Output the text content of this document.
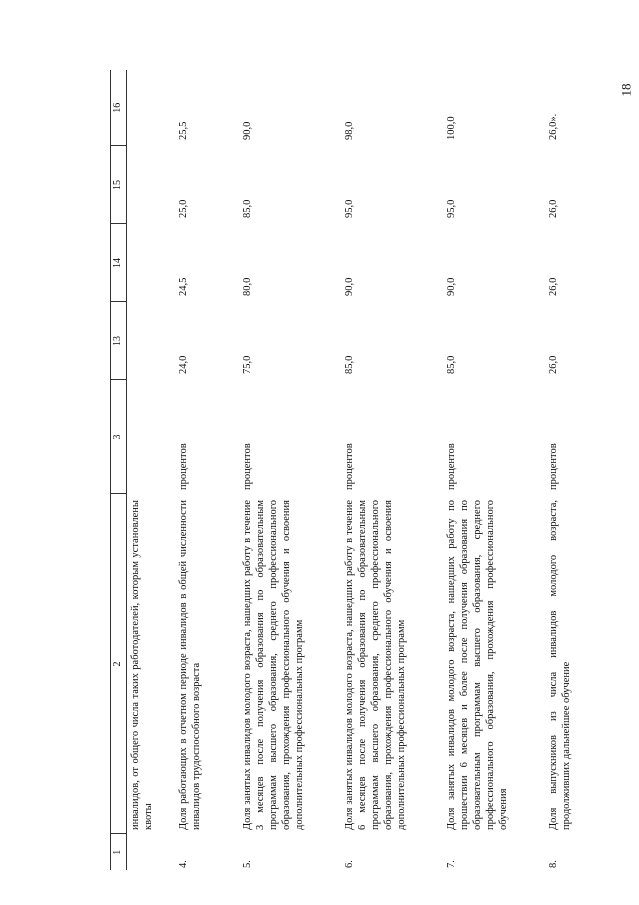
18
1	2	3	13	14	15	16
	инвалидов, от общего числа таких работодателей, которым установлены квоты					
4.	Доля работающих в отчетном периоде инвалидов в общей численности инвалидов трудоспособного возраста	процентов	24,0	24,5	25,0	25,5
5.	Доля занятых инвалидов молодого возраста, нашедших работу в течение 3 месяцев после получения образования по образовательным программам высшего образования, среднего профессионального образования, прохождения профессионального обучения и освоения дополнительных профессиональных программ	процентов	75,0	80,0	85,0	90,0
6.	Доля занятых инвалидов молодого возраста, нашедших работу в течение 6 месяцев после получения образования по образовательным программам высшего образования, среднего профессионального образования, прохождения профессионального обучения и освоения дополнительных профессиональных программ	процентов	85,0	90,0	95,0	98,0
7.	Доля занятых инвалидов молодого возраста, нашедших работу по прошествии 6 месяцев и более после получения образования по образовательным программам высшего образования, среднего профессионального образования, прохождения профессионального обучения	процентов	85,0	90,0	95,0	100,0
8.	Доля выпускников из числа инвалидов молодого возраста, продолживших дальнейшее обучение	процентов	26,0	26,0	26,0	26,0».
